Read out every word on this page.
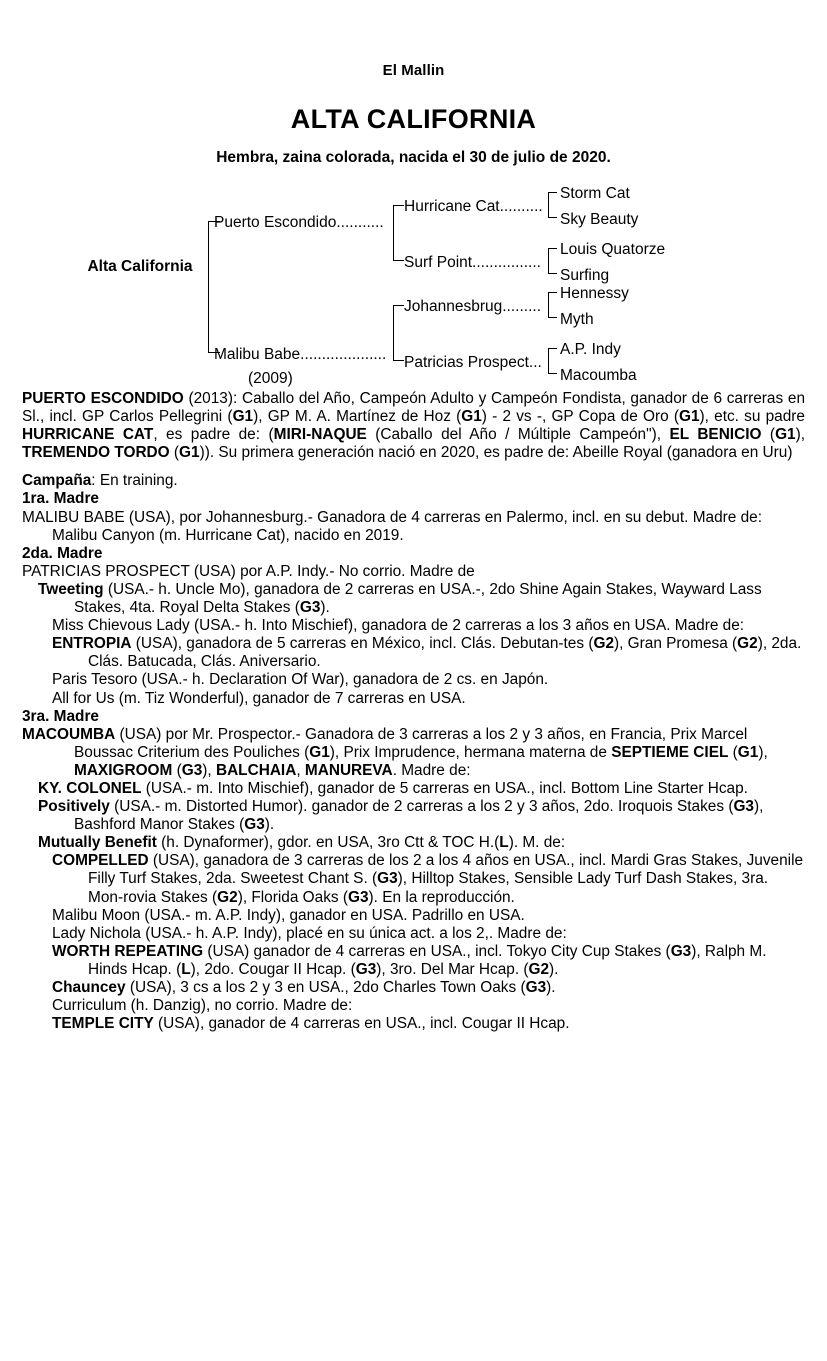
El Mallin
ALTA CALIFORNIA
Hembra, zaina colorada, nacida el 30 de julio de 2020.
Alta California
Puerto Escondido...........
Malibu Babe....................
(2009)
Hurricane Cat..........
Surf Point................
Johannesbrug.........
Patricias Prospect...
Storm Cat
Sky Beauty
Louis Quatorze
Surfing
Hennessy
Myth
A.P. Indy
Macoumba

PUERTO ESCONDIDO (2013): Caballo del Año, Campeón Adulto y Campeón Fondista, ganador de 6 carreras en Sl., incl. GP Carlos Pellegrini (G1), GP M. A. Martínez de Hoz (G1) - 2 vs -, GP Copa de Oro (G1), etc. su padre HURRICANE CAT, es padre de: (MIRI-NAQUE (Caballo del Año / Múltiple Campeón"), EL BENICIO (G1), TREMENDO TORDO (G1)). Su primera generación nació en 2020, es padre de: Abeille Royal (ganadora en Uru)

Campaña: En training.

1ra. Madre

MALIBU BABE (USA), por Johannesburg.- Ganadora de 4 carreras en Palermo, incl. en su debut. Madre de:

Malibu Canyon (m. Hurricane Cat), nacido en 2019.

2da. Madre

PATRICIAS PROSPECT (USA) por A.P. Indy.- No corrio. Madre de

Tweeting (USA.- h. Uncle Mo), ganadora de 2 carreras en USA.-, 2do Shine Again Stakes, Wayward Lass Stakes, 4ta. Royal Delta Stakes (G3).

Miss Chievous Lady (USA.- h. Into Mischief), ganadora de 2 carreras a los 3 años en USA. Madre de:

ENTROPIA (USA), ganadora de 5 carreras en México, incl. Clás. Debutan-tes (G2), Gran Promesa (G2), 2da. Clás. Batucada, Clás. Aniversario.

Paris Tesoro (USA.- h. Declaration Of War), ganadora de 2 cs. en Japón.

All for Us (m. Tiz Wonderful), ganador de 7 carreras en USA.

3ra. Madre

MACOUMBA (USA) por Mr. Prospector.- Ganadora de 3 carreras a los 2 y 3 años, en Francia, Prix Marcel Boussac Criterium des Pouliches (G1), Prix Imprudence, hermana materna de SEPTIEME CIEL (G1), MAXIGROOM (G3), BALCHAIA, MANUREVA. Madre de:

KY. COLONEL (USA.- m. Into Mischief), ganador de 5 carreras en USA., incl. Bottom Line Starter Hcap.

Positively (USA.- m. Distorted Humor). ganador de 2 carreras a los 2 y 3 años, 2do. Iroquois Stakes (G3), Bashford Manor Stakes (G3).

Mutually Benefit (h. Dynaformer), gdor. en USA, 3ro Ctt & TOC H.(L). M. de:

COMPELLED (USA), ganadora de 3 carreras de los 2 a los 4 años en USA., incl. Mardi Gras Stakes, Juvenile Filly Turf Stakes, 2da. Sweetest Chant S. (G3), Hilltop Stakes, Sensible Lady Turf Dash Stakes, 3ra. Mon-rovia Stakes (G2), Florida Oaks (G3). En la reproducción.

Malibu Moon (USA.- m. A.P. Indy), ganador en USA. Padrillo en USA.

Lady Nichola (USA.- h. A.P. Indy), placé en su única act. a los 2,. Madre de:

WORTH REPEATING (USA) ganador de 4 carreras en USA., incl. Tokyo City Cup Stakes (G3), Ralph M. Hinds Hcap. (L), 2do. Cougar II Hcap. (G3), 3ro. Del Mar Hcap. (G2).

Chauncey (USA), 3 cs a los 2 y 3 en USA., 2do Charles Town Oaks (G3).

Curriculum (h. Danzig), no corrio. Madre de:

TEMPLE CITY (USA), ganador de 4 carreras en USA., incl. Cougar II Hcap.
